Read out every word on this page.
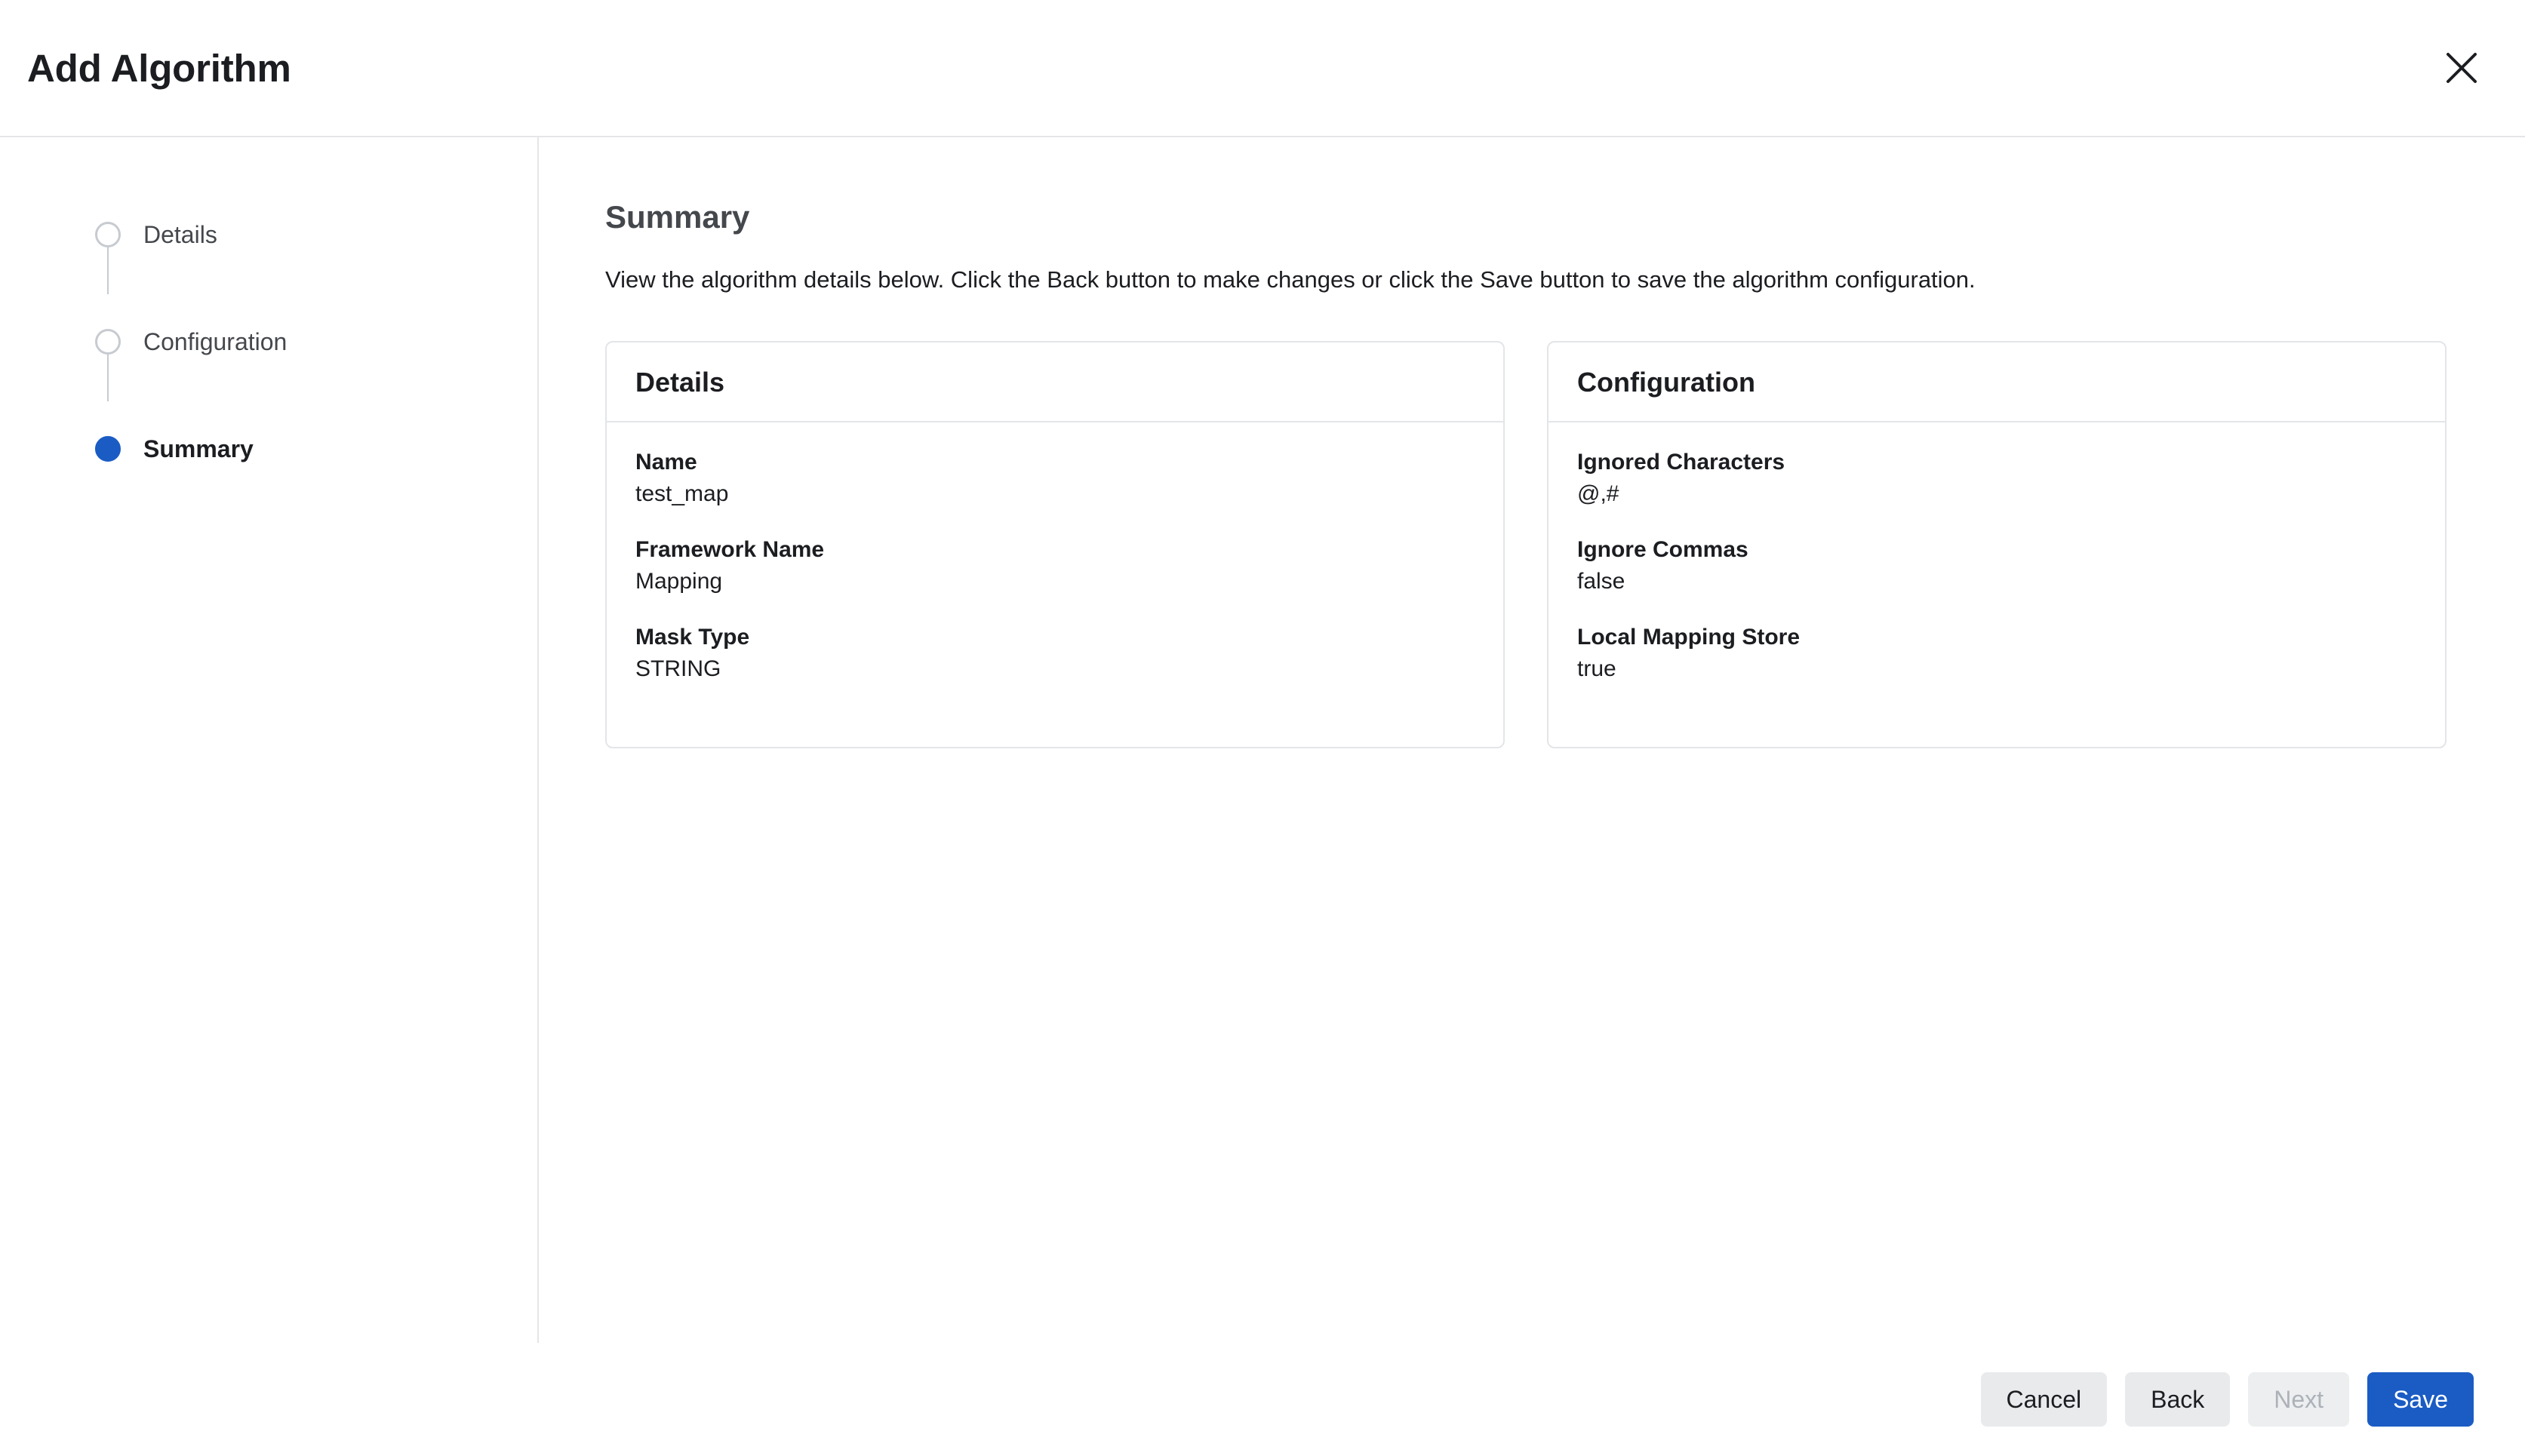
Add Algorithm
Details
Configuration
Summary
Summary

View the algorithm details below. Click the Back button to make changes or click the Save button to save the algorithm configuration.

Details
Name
test_map
Framework Name
Mapping
Mask Type
STRING
Configuration
Ignored Characters
@,#
Ignore Commas
false
Local Mapping Store
true
Cancel	Back	Next	Save
